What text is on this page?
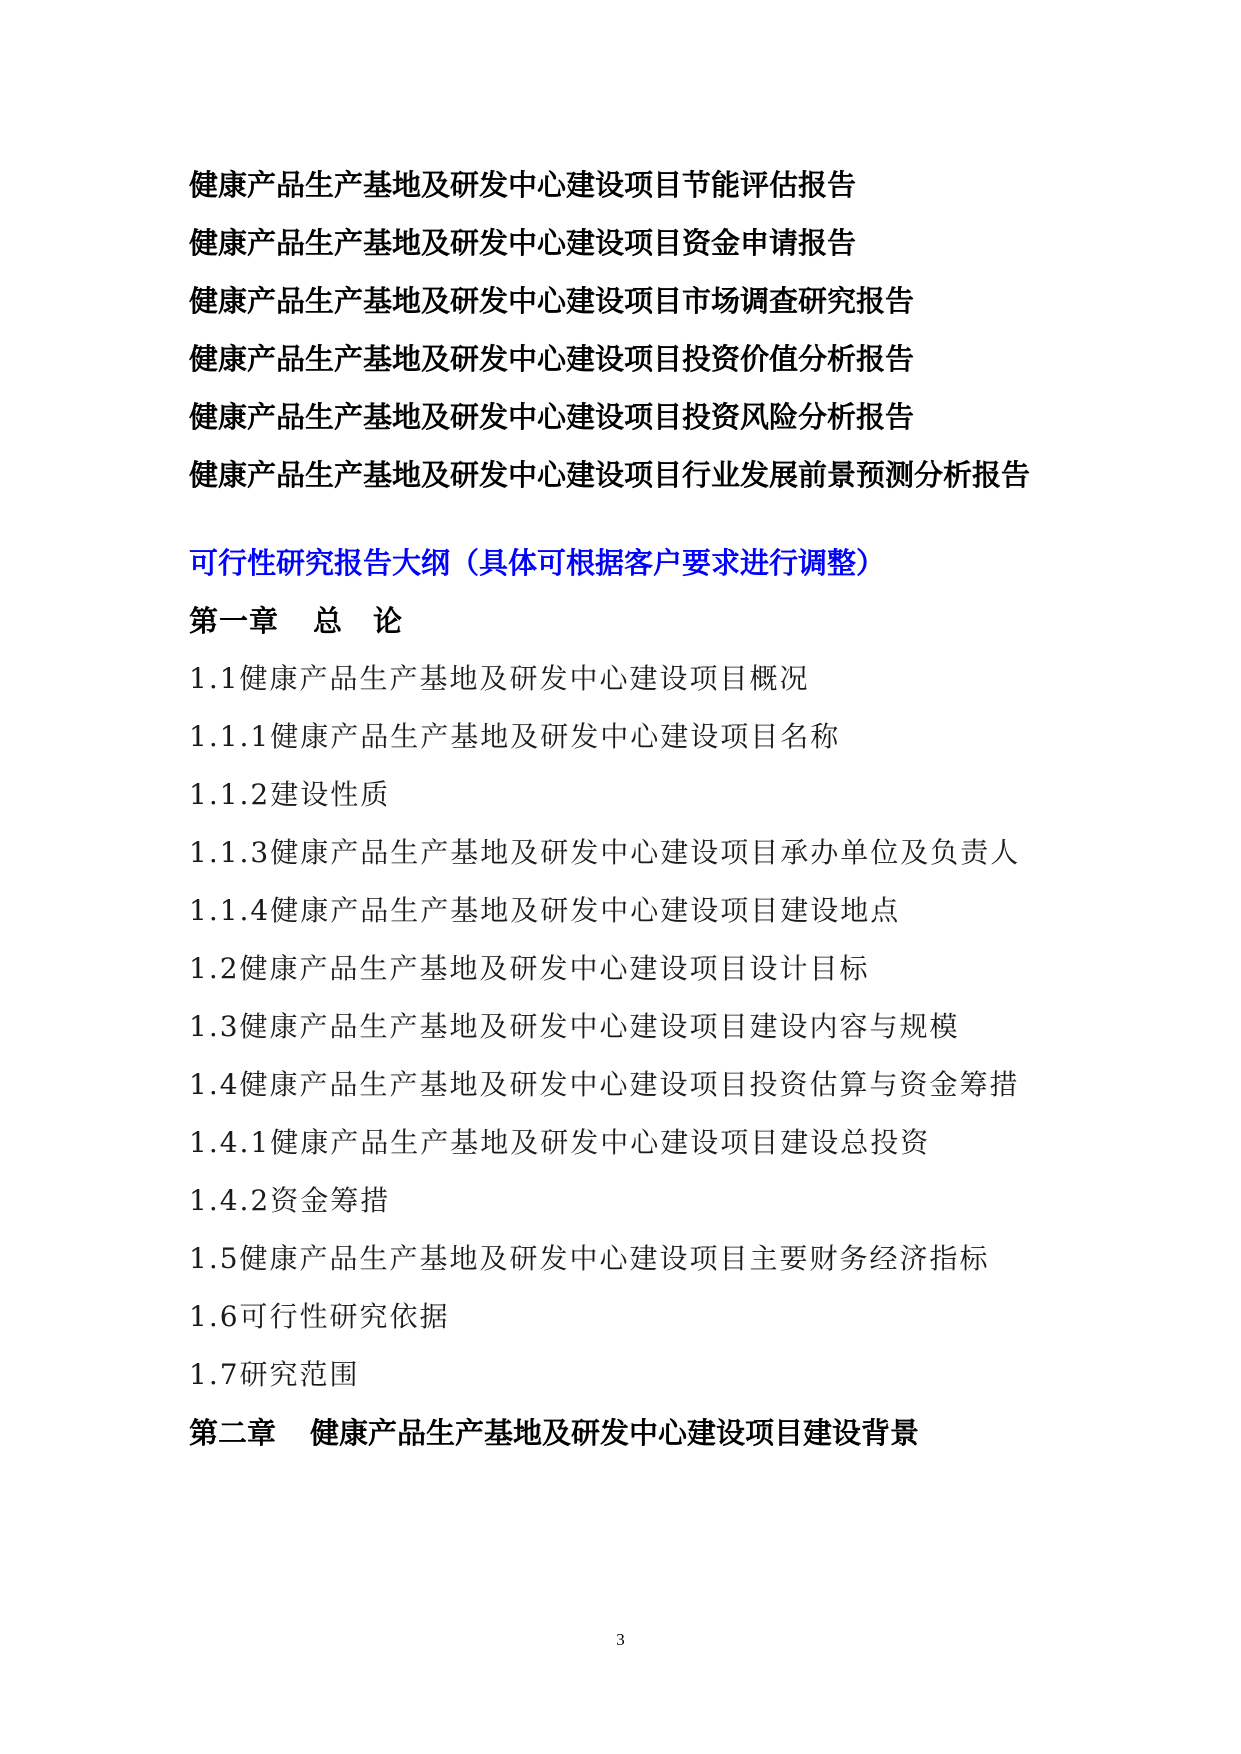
健康产品生产基地及研发中心建设项目节能评估报告
健康产品生产基地及研发中心建设项目资金申请报告
健康产品生产基地及研发中心建设项目市场调查研究报告
健康产品生产基地及研发中心建设项目投资价值分析报告
健康产品生产基地及研发中心建设项目投资风险分析报告
健康产品生产基地及研发中心建设项目行业发展前景预测分析报告
可行性研究报告大纲（具体可根据客户要求进行调整）
第一章 总　论
1.1健康产品生产基地及研发中心建设项目概况
1.1.1健康产品生产基地及研发中心建设项目名称
1.1.2建设性质
1.1.3健康产品生产基地及研发中心建设项目承办单位及负责人
1.1.4健康产品生产基地及研发中心建设项目建设地点
1.2健康产品生产基地及研发中心建设项目设计目标
1.3健康产品生产基地及研发中心建设项目建设内容与规模
1.4健康产品生产基地及研发中心建设项目投资估算与资金筹措
1.4.1健康产品生产基地及研发中心建设项目建设总投资
1.4.2资金筹措
1.5健康产品生产基地及研发中心建设项目主要财务经济指标
1.6可行性研究依据
1.7研究范围
第二章 健康产品生产基地及研发中心建设项目建设背景
3
